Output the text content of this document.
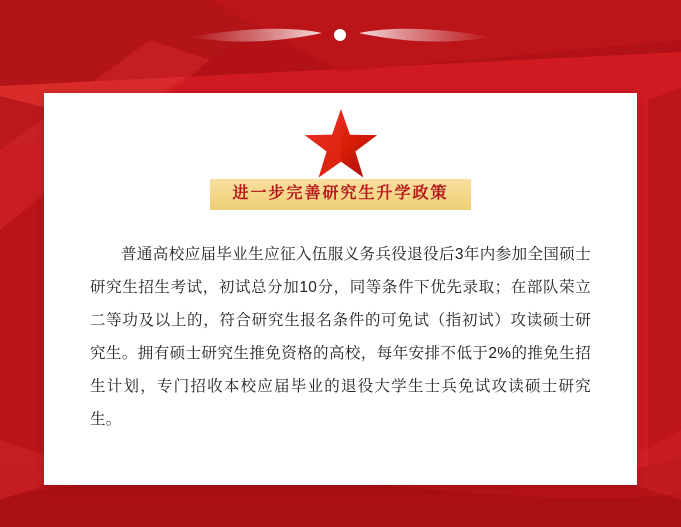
进一步完善研究生升学政策
普通高校应届毕业生应征入伍服义务兵役退役后3年内参加全国硕士研究生招生考试，初试总分加10分，同等条件下优先录取；在部队荣立二等功及以上的，符合研究生报名条件的可免试（指初试）攻读硕士研究生。拥有硕士研究生推免资格的高校，每年安排不低于2%的推免生招生计划，专门招收本校应届毕业的退役大学生士兵免试攻读硕士研究生。
